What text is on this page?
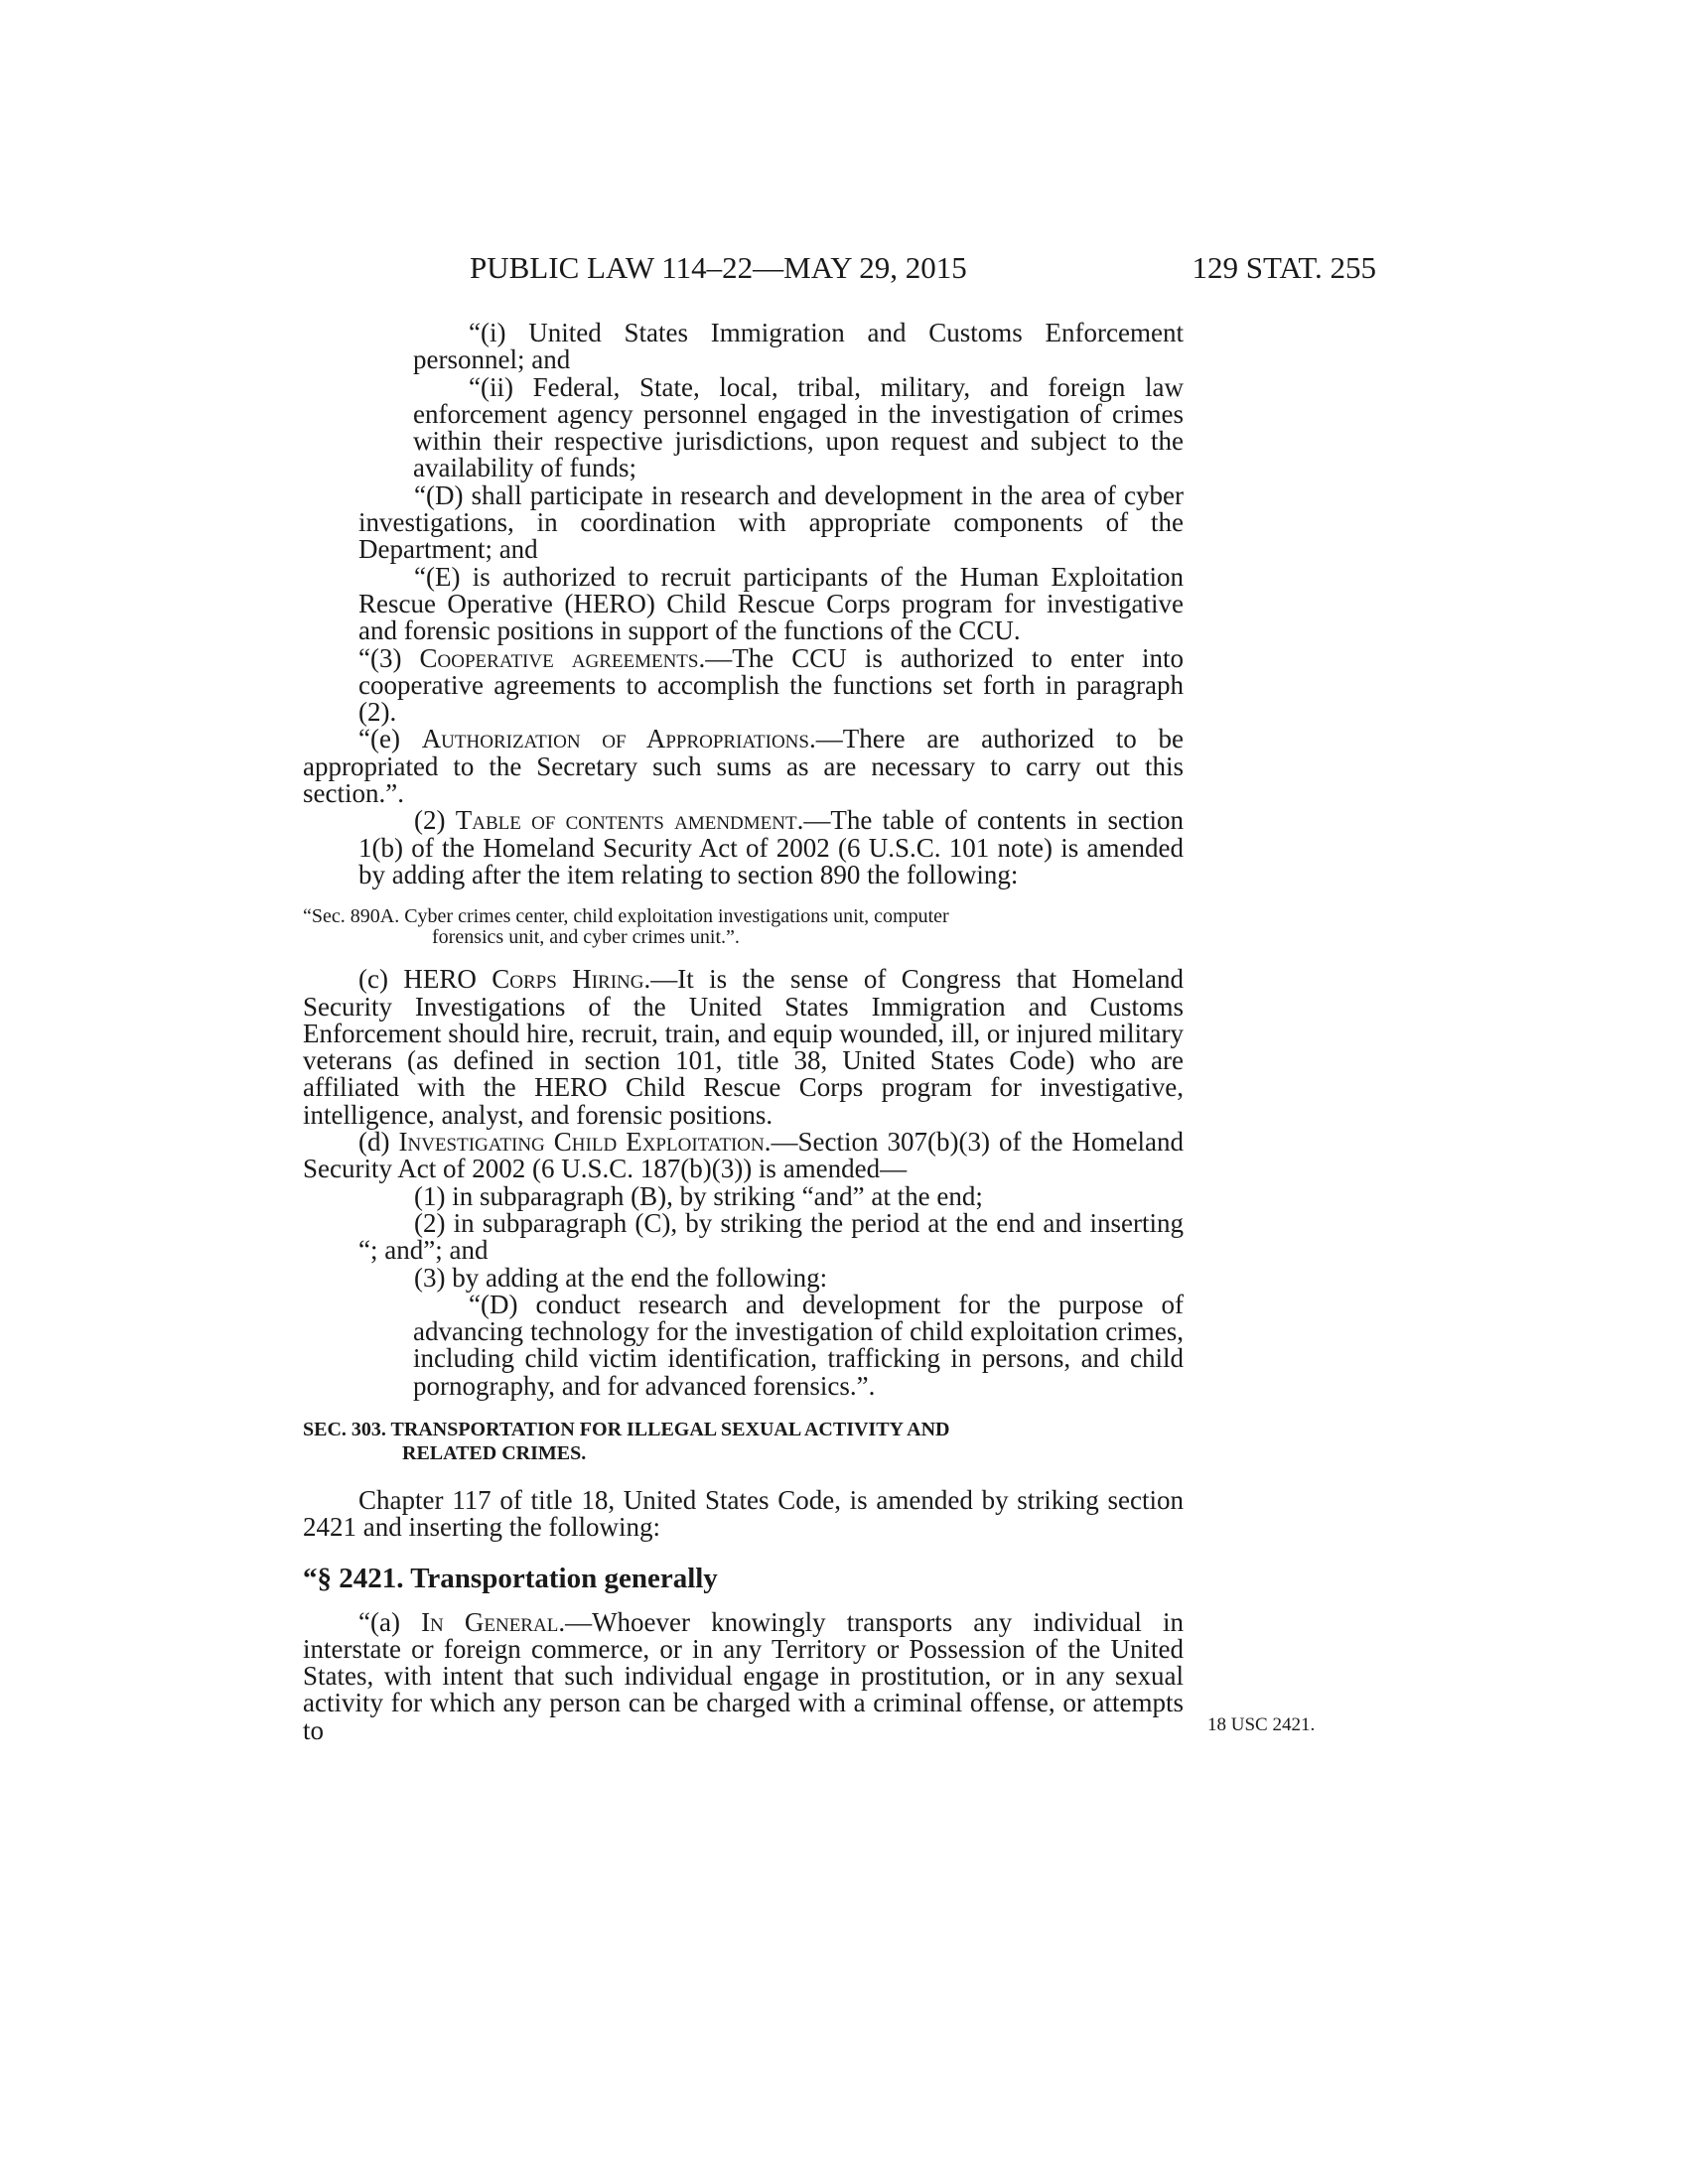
PUBLIC LAW 114–22—MAY 29, 2015	129 STAT. 255

“(i) United States Immigration and Customs Enforcement personnel; and

“(ii) Federal, State, local, tribal, military, and foreign law enforcement agency personnel engaged in the investigation of crimes within their respective jurisdictions, upon request and subject to the availability of funds;

“(D) shall participate in research and development in the area of cyber investigations, in coordination with appropriate components of the Department; and

“(E) is authorized to recruit participants of the Human Exploitation Rescue Operative (HERO) Child Rescue Corps program for investigative and forensic positions in support of the functions of the CCU.

“(3) Cooperative agreements.—The CCU is authorized to enter into cooperative agreements to accomplish the functions set forth in paragraph (2).

“(e) Authorization of Appropriations.—There are authorized to be appropriated to the Secretary such sums as are necessary to carry out this section.”.

(2) Table of contents amendment.—The table of contents in section 1(b) of the Homeland Security Act of 2002 (6 U.S.C. 101 note) is amended by adding after the item relating to section 890 the following:

“Sec. 890A. Cyber crimes center, child exploitation investigations unit, computer
forensics unit, and cyber crimes unit.”.

(c) HERO Corps Hiring.—It is the sense of Congress that Homeland Security Investigations of the United States Immigration and Customs Enforcement should hire, recruit, train, and equip wounded, ill, or injured military veterans (as defined in section 101, title 38, United States Code) who are affiliated with the HERO Child Rescue Corps program for investigative, intelligence, analyst, and forensic positions.

(d) Investigating Child Exploitation.—Section 307(b)(3) of the Homeland Security Act of 2002 (6 U.S.C. 187(b)(3)) is amended—

(1) in subparagraph (B), by striking “and” at the end;

(2) in subparagraph (C), by striking the period at the end and inserting “; and”; and

(3) by adding at the end the following:

“(D) conduct research and development for the purpose of advancing technology for the investigation of child exploitation crimes, including child victim identification, trafficking in persons, and child pornography, and for advanced forensics.”.

SEC. 303. TRANSPORTATION FOR ILLEGAL SEXUAL ACTIVITY AND
RELATED CRIMES.

Chapter 117 of title 18, United States Code, is amended by striking section 2421 and inserting the following:

“§ 2421. Transportation generally

“(a) In General.—Whoever knowingly transports any individual in interstate or foreign commerce, or in any Territory or Possession of the United States, with intent that such individual engage in prostitution, or in any sexual activity for which any person can be charged with a criminal offense, or attempts to	18 USC 2421.
